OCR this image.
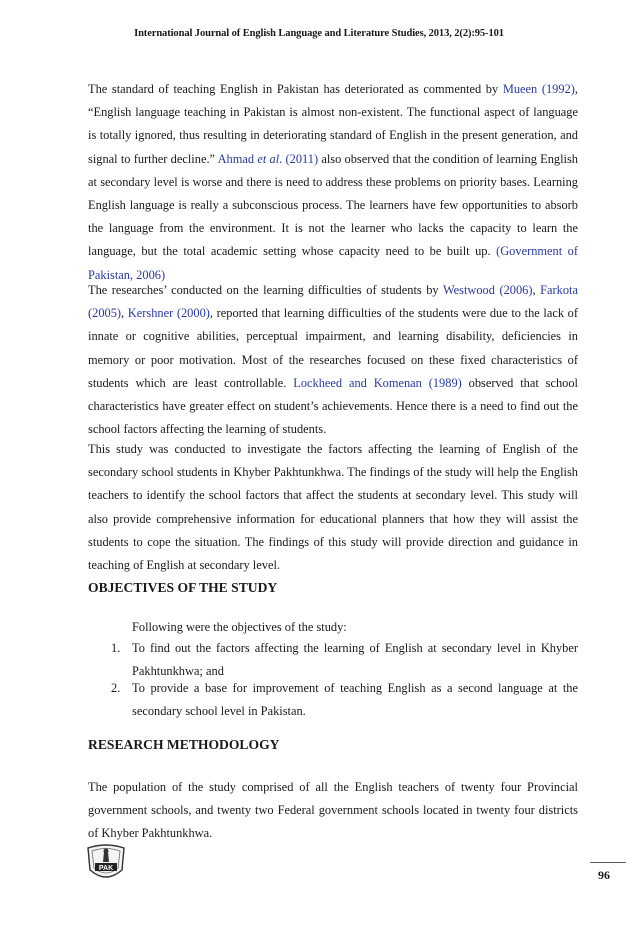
International Journal of English Language and Literature Studies, 2013, 2(2):95-101

The standard of teaching English in Pakistan has deteriorated as commented by Mueen (1992), “English language teaching in Pakistan is almost non-existent. The functional aspect of language is totally ignored, thus resulting in deteriorating standard of English in the present generation, and signal to further decline.” Ahmad et al. (2011) also observed that the condition of learning English at secondary level is worse and there is need to address these problems on priority bases. Learning English language is really a subconscious process. The learners have few opportunities to absorb the language from the environment. It is not the learner who lacks the capacity to learn the language, but the total academic setting whose capacity need to be built up. (Government of Pakistan, 2006)

The researches’ conducted on the learning difficulties of students by Westwood (2006), Farkota (2005), Kershner (2000), reported that learning difficulties of the students were due to the lack of innate or cognitive abilities, perceptual impairment, and learning disability, deficiencies in memory or poor motivation. Most of the researches focused on these fixed characteristics of students which are least controllable. Lockheed and Komenan (1989) observed that school characteristics have greater effect on student’s achievements. Hence there is a need to find out the school factors affecting the learning of students.

This study was conducted to investigate the factors affecting the learning of English of the secondary school students in Khyber Pakhtunkhwa. The findings of the study will help the English teachers to identify the school factors that affect the students at secondary level. This study will also provide comprehensive information for educational planners that how they will assist the students to cope the situation. The findings of this study will provide direction and guidance in teaching of English at secondary level.

OBJECTIVES OF THE STUDY
Following were the objectives of the study:
1. To find out the factors affecting the learning of English at secondary level in Khyber Pakhtunkhwa; and
2. To provide a base for improvement of teaching English as a second language at the secondary school level in Pakistan.
RESEARCH METHODOLOGY

The population of the study comprised of all the English teachers of twenty four Provincial government schools, and twenty two Federal government schools located in twenty four districts of Khyber Pakhtunkhwa.

PAK	96
